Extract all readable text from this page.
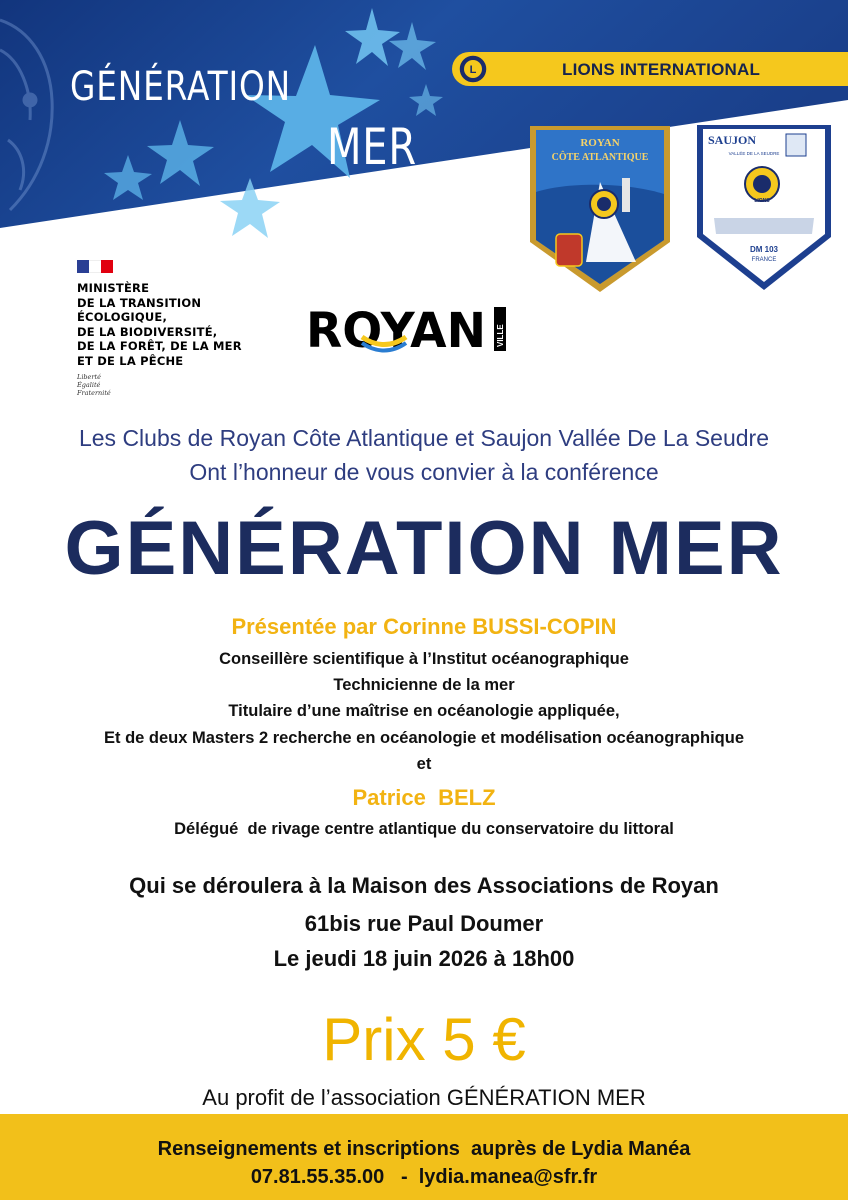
GÉNÉRATION
MER
L	LIONS INTERNATIONAL
ROYAN
CÔTE ATLANTIQUE
SAUJON
VALLÉE DE LA SEUDRE
LIONS
DM 103
FRANCE
MINISTÈRE
DE LA TRANSITION
ÉCOLOGIQUE,
DE LA BIODIVERSITÉ,
DE LA FORÊT, DE LA MER
ET DE LA PÊCHE
Liberté
Égalité
Fraternité
ROYAN VILLE
Les Clubs de Royan Côte Atlantique et Saujon Vallée De La Seudre
Ont l’honneur de vous convier à la conférence
GÉNÉRATION MER
Présentée par Corinne BUSSI-COPIN
Conseillère scientifique à l’Institut océanographique
Technicienne de la mer
Titulaire d’une maîtrise en océanologie appliquée,
Et de deux Masters 2 recherche en océanologie et modélisation océanographique
et
Patrice  BELZ
Délégué  de rivage centre atlantique du conservatoire du littoral
Qui se déroulera à la Maison des Associations de Royan
61bis rue Paul Doumer
Le jeudi 18 juin 2026 à 18h00
Prix 5 €
Au profit de l’association GÉNÉRATION MER
Renseignements et inscriptions  auprès de Lydia Manéa
07.81.55.35.00   -  lydia.manea@sfr.fr
